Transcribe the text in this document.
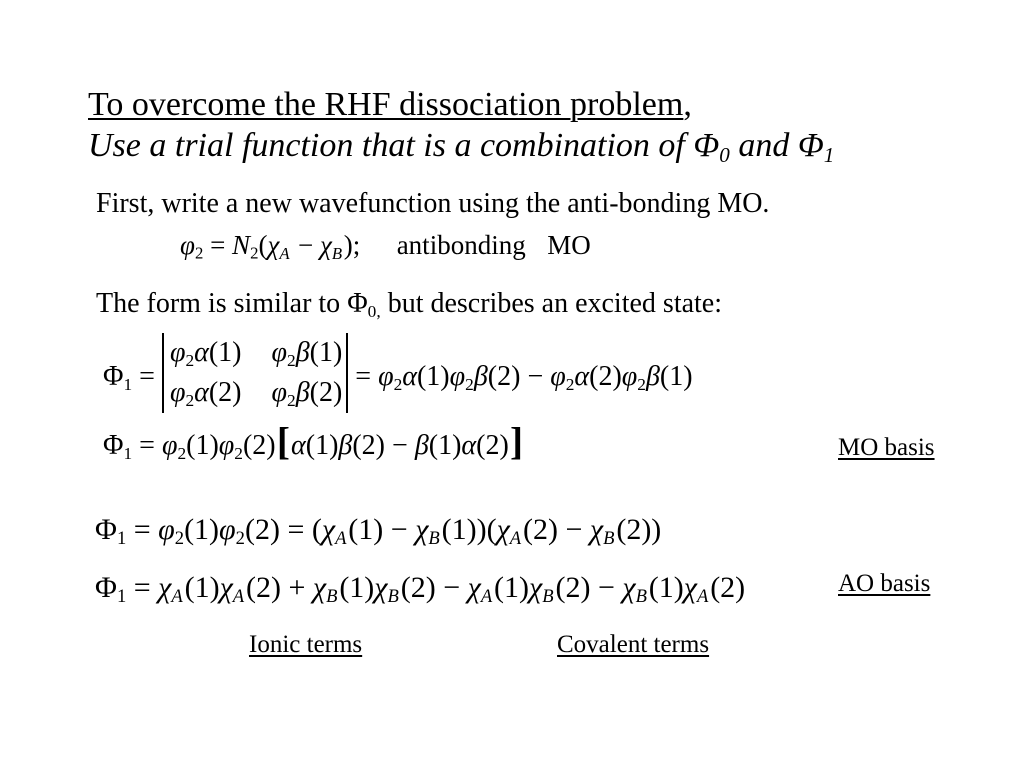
To overcome the RHF dissociation problem,
Use a trial function that is a combination of $\Phi_0$ and $\Phi_1$
First, write a new wavefunction using the anti-bonding MO.
φ2 = N2(χA − χB); antibonding MO
The form is similar to $\Phi_{0,}$ but describes an excited state:
Φ1 =
φ2α(1)	φ2β(1)
φ2α(2)	φ2β(2)
= φ2α(1)φ2β(2) − φ2α(2)φ2β(1)
Φ1 = φ2(1)φ2(2)[α(1)β(2) − β(1)α(2)]	MO basis
Φ1 = φ2(1)φ2(2) = (χA(1) − χB(1))(χA(2) − χB(2))
Φ1 = χA(1)χA(2) + χB(1)χB(2) − χA(1)χB(2) − χB(1)χA(2)	AO basis
Ionic terms	Covalent terms
